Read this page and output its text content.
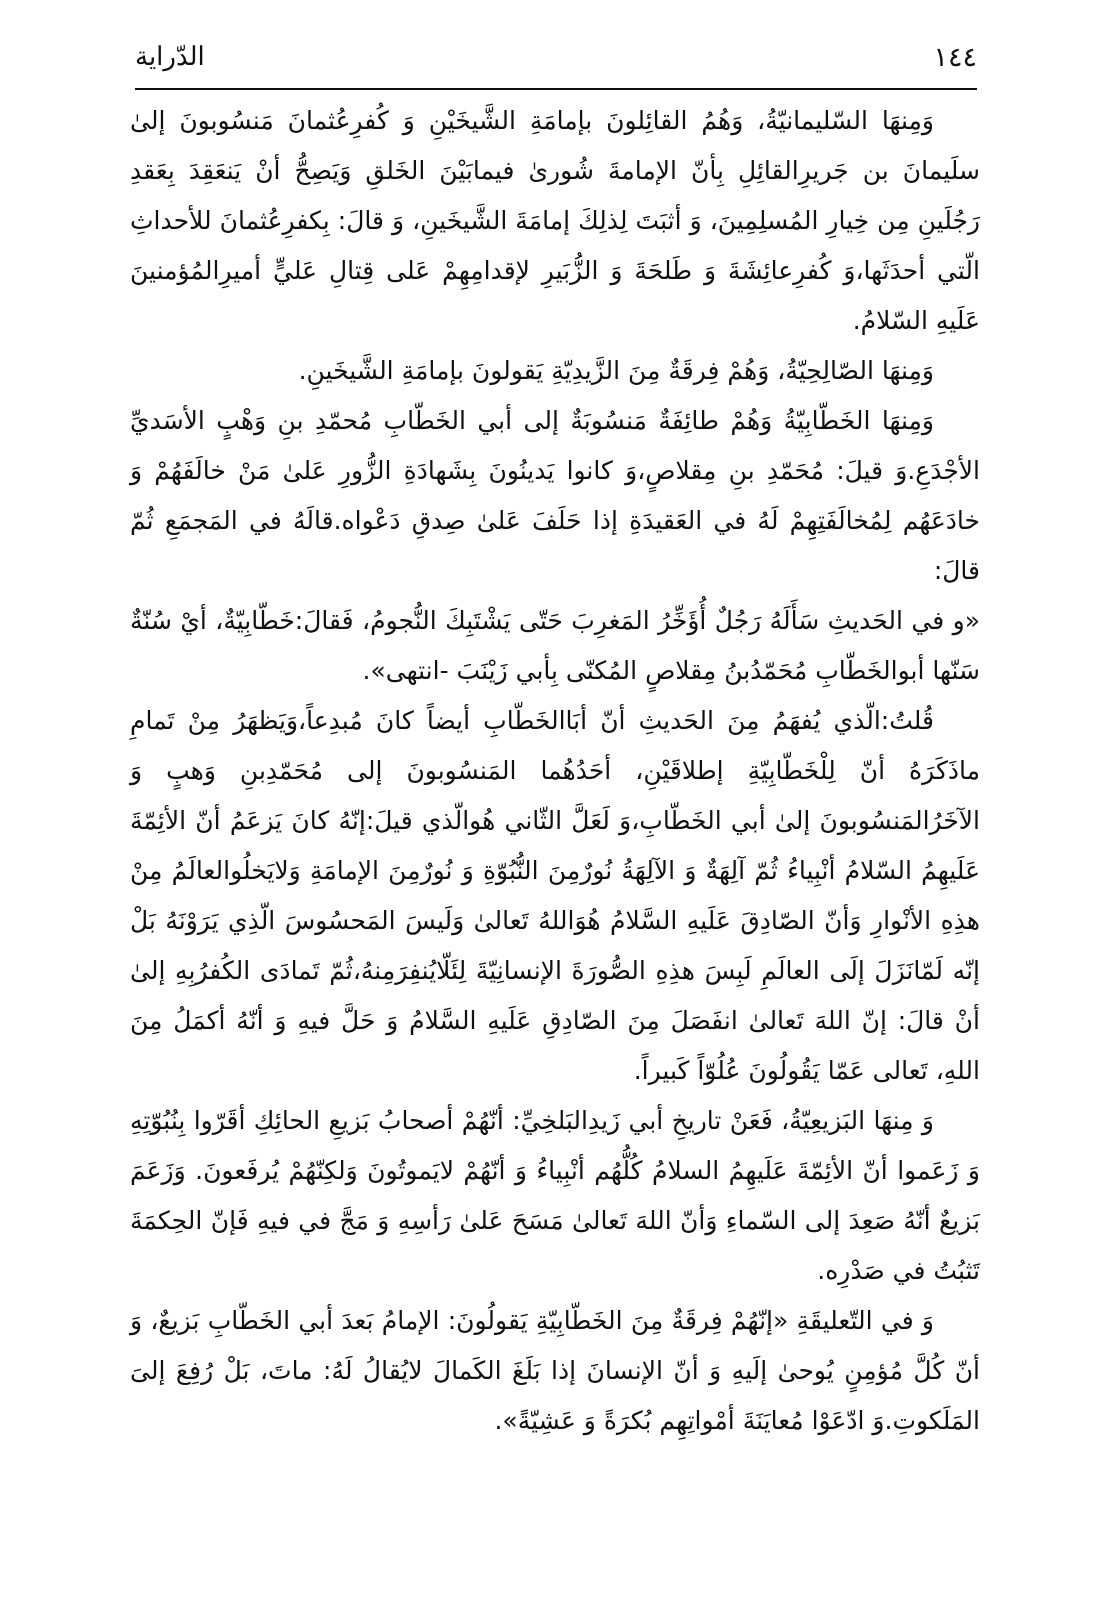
١٤٤
الدّراية

وَمِنهَا السّليمانيّةُ، وَهُمُ القائِلونَ بإمامَةِ الشَّيخَيْنِ وَ كُفرِعُثمانَ مَنسُوبونَ إلىٰ سلَيمانَ بن جَريرِالقائِلِ بِأنّ الإمامةَ شُورىٰ فيمابَيْنَ الخَلقِ وَيَصِحُّ أنْ يَنعَقِدَ بِعَقدِ رَجُلَينِ مِن خِيارِ المُسلِمِينَ، وَ أثبَتَ لِذلِكَ إمامَةَ الشَّيخَينِ، وَ قالَ: بِكفرِعُثمانَ للأحداثِ الّتي أحدَثَها،وَ كُفرِعائِشَةَ وَ طَلحَةَ وَ الزُّبَيرِ لإقدامِهِمْ عَلى قِتالِ عَليٍّ أميرِالمُؤمنينَ عَلَيهِ السّلامُ.

وَمِنهَا الصّالِحِيّةُ، وَهُمْ فِرقَةٌ مِنَ الزَّيدِيّةِ يَقولونَ بإمامَةِ الشَّيخَينِ.

وَمِنهَا الخَطّابِيّةُ وَهُمْ طائِفَةٌ مَنسُوبَةٌ إلى أبي الخَطّابِ مُحمّدِ بنِ وَهْبٍ الأسَديِّ الأجْدَعِ.وَ قيلَ: مُحَمّدِ بنِ مِقلاصٍ،وَ كانوا يَدينُونَ بِشَهادَةِ الزُّورِ عَلىٰ مَنْ خالَفَهُمْ وَ خادَعَهُم لِمُخالَفَتِهِمْ لَهُ في العَقيدَةِ إذا حَلَفَ عَلىٰ صِدقِ دَعْواه.قالَهُ في المَجمَعِ ثُمّ قالَ:

«و في الحَديثِ سَأَلَهُ رَجُلٌ أُؤَخِّرُ المَغرِبَ حَتّى يَشْتَبِكَ النُّجومُ، فَقالَ:خَطّابِيّةٌ، أيْ سُنّةٌ سَنّها أبوالخَطّابِ مُحَمّدُبنُ مِقلاصٍ المُكنّى بِأبي زَيْنَبَ -انتهى».

قُلتُ:الّذي يُفهَمُ مِنَ الحَديثِ أنّ أبَاالخَطّابِ أيضاً كانَ مُبدِعاً،وَيَظهَرُ مِنْ تَمامِ ماذَكَرَهُ أنّ لِلْخَطّابِيّةِ إطلاقَيْنِ، أحَدُهُما المَنسُوبونَ إلى مُحَمّدِبنِ وَهبٍ وَ الآخَرُالمَنسُوبونَ إلىٰ أبي الخَطّابِ،وَ لَعَلَّ الثّاني هُوالّذي قيلَ:إنّهُ كانَ يَزعَمُ أنّ الأئِمّةَ عَلَيهِمُ السّلامُ أنْبِياءُ ثُمّ آلِهَةٌ وَ الآلِهَةُ نُورٌمِنَ النُّبُوّةِ وَ نُورٌمِنَ الإمامَةِ وَلايَخلُوالعالَمُ مِنْ هذِهِ الأنْوارِ وَأنّ الصّادِقَ عَلَيهِ السَّلامُ هُوَاللهُ تَعالىٰ وَلَيسَ المَحسُوسَ الّذِي يَرَوْنَهُ بَلْ إنّه لَمّانَزَلَ إلَى العالَمِ لَبِسَ هذِهِ الصُّورَةَ الإنسانِيّةَ لِئَلّايُنفِرَمِنهُ،ثُمّ تَمادَى الكُفرُبِهِ إلىٰ أنْ قالَ: إنّ اللهَ تَعالىٰ انفَصَلَ مِنَ الصّادِقِ عَلَيهِ السَّلامُ وَ حَلَّ فيهِ وَ أنّهُ أكمَلُ مِنَ اللهِ، تَعالى عَمّا يَقُولُونَ عُلُوّاً كَبيراً.

وَ مِنهَا البَزيعِيّةُ، فَعَنْ تاريخِ أبي زَيدِالبَلخِيِّ: أنّهُمْ أصحابُ بَزيعِ الحائِكِ أقَرّوا بِنُبُوّتِهِ وَ زَعَموا أنّ الأئِمّةَ عَلَيهِمُ السلامُ كُلُّهُم أنْبِياءُ وَ أنّهُمْ لايَموتُونَ وَلكِنّهُمْ يُرفَعونَ. وَزَعَمَ بَزيعٌ أنّهُ صَعِدَ إلى السّماءِ وَأنّ اللهَ تَعالىٰ مَسَحَ عَلىٰ رَأسِهِ وَ مَجَّ في فيهِ فَإنّ الحِكمَةَ تَثبُتُ في صَدْرِه.

وَ في التّعليقَةِ «إنّهُمْ فِرقَةٌ مِنَ الخَطّابِيّةِ يَقولُونَ: الإمامُ بَعدَ أبي الخَطّابِ بَزيعٌ، وَ أنّ كُلَّ مُؤمِنٍ يُوحىٰ إلَيهِ وَ أنّ الإنسانَ إذا بَلَغَ الكَمالَ لايُقالُ لَهُ: ماتَ، بَلْ رُفِعَ إلىَ المَلَكوتِ.وَ ادّعَوْا مُعايَنَةَ أمْواتِهِم بُكرَةً وَ عَشِيّةً».
